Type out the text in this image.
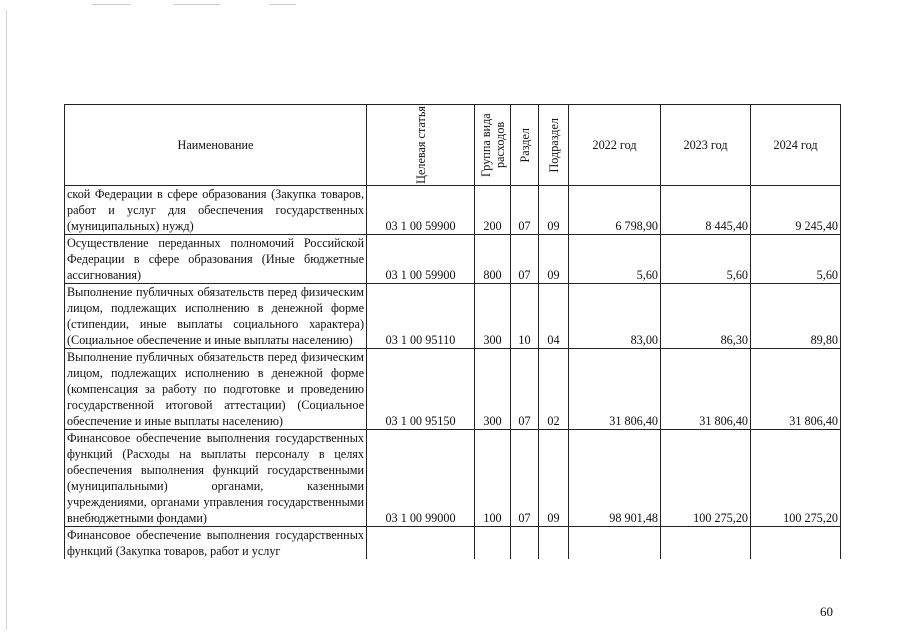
Наименование	Целевая статья	Группа вида расходов	Раздел	Подраздел	2022 год	2023 год	2024 год
ской Федерации в сфере образования (Закупка товаров, работ и услуг для обеспечения государственных (муниципальных) нужд)	03 1 00 59900	200	07	09	6 798,90	8 445,40	9 245,40
Осуществление переданных полномочий Российской Федерации в сфере образования (Иные бюджетные ассигнования)	03 1 00 59900	800	07	09	5,60	5,60	5,60
Выполнение публичных обязательств перед физическим лицом, подлежащих исполнению в денежной форме (стипендии, иные выплаты социального характера) (Социальное обеспечение и иные выплаты населению)	03 1 00 95110	300	10	04	83,00	86,30	89,80
Выполнение публичных обязательств перед физическим лицом, подлежащих исполнению в денежной форме (компенсация за работу по подготовке и проведению государственной итоговой аттестации) (Социальное обеспечение и иные выплаты населению)	03 1 00 95150	300	07	02	31 806,40	31 806,40	31 806,40
Финансовое обеспечение выполнения государственных функций (Расходы на выплаты персоналу в целях обеспечения выполнения функций государственными (муниципальными) органами, казенными учреждениями, органами управления государственными внебюджетными фондами)	03 1 00 99000	100	07	09	98 901,48	100 275,20	100 275,20
Финансовое обеспечение выполнения государственных функций (Закупка товаров, работ и услуг							
60
